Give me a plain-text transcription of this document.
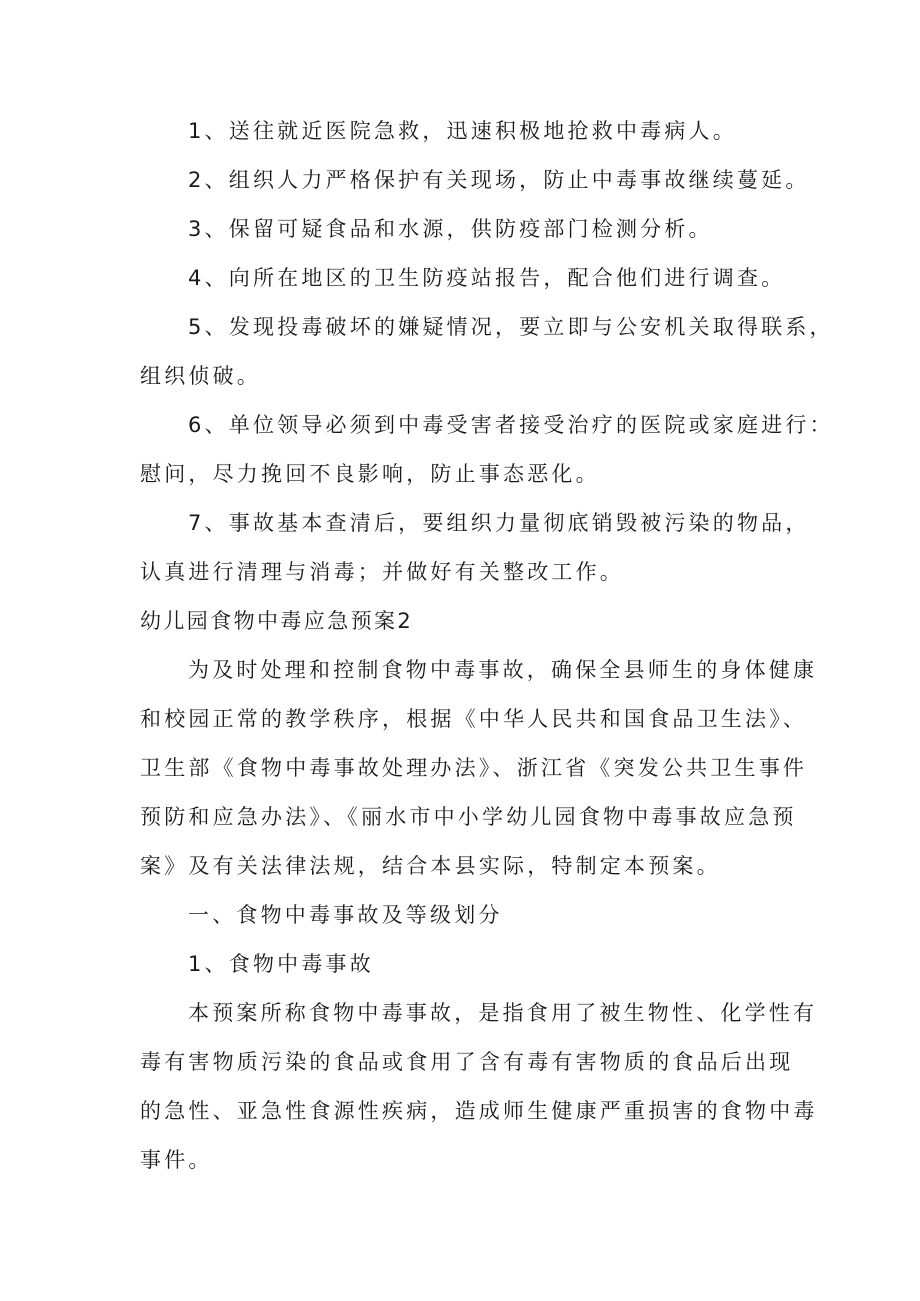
1、送往就近医院急救，迅速积极地抢救中毒病人。
2、组织人力严格保护有关现场，防止中毒事故继续蔓延。
3、保留可疑食品和水源，供防疫部门检测分析。
4、向所在地区的卫生防疫站报告，配合他们进行调查。
5、发现投毒破坏的嫌疑情况，要立即与公安机关取得联系，
组织侦破。
6、单位领导必须到中毒受害者接受治疗的医院或家庭进行：
慰问，尽力挽回不良影响，防止事态恶化。
7、事故基本查清后，要组织力量彻底销毁被污染的物品，
认真进行清理与消毒；并做好有关整改工作。
幼儿园食物中毒应急预案2
为及时处理和控制食物中毒事故，确保全县师生的身体健康
和校园正常的教学秩序，根据《中华人民共和国食品卫生法》、
卫生部《食物中毒事故处理办法》、浙江省《突发公共卫生事件
预防和应急办法》、《丽水市中小学幼儿园食物中毒事故应急预
案》及有关法律法规，结合本县实际，特制定本预案。
一、食物中毒事故及等级划分
1、食物中毒事故
本预案所称食物中毒事故，是指食用了被生物性、化学性有
毒有害物质污染的食品或食用了含有毒有害物质的食品后出现
的急性、亚急性食源性疾病，造成师生健康严重损害的食物中毒
事件。
